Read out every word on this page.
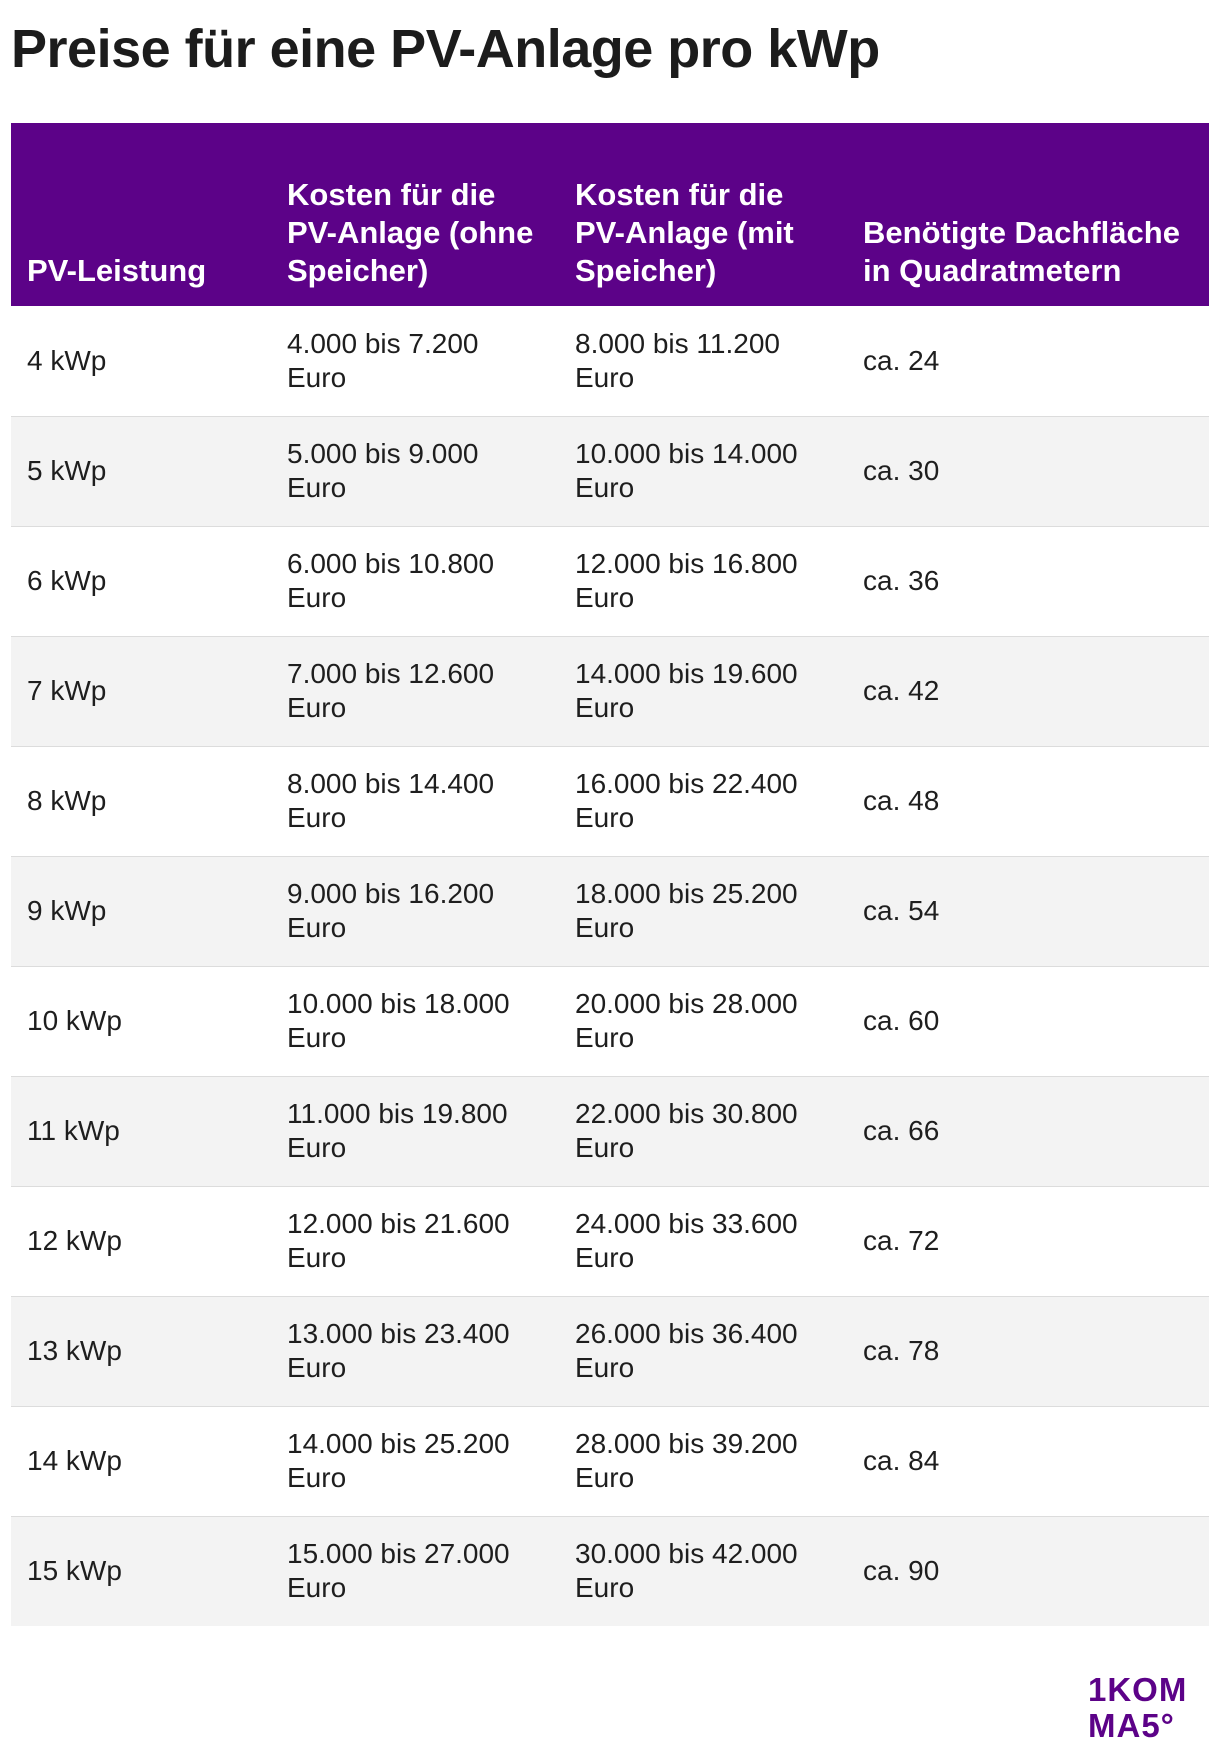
Preise für eine PV-Anlage pro kWp
PV-Leistung	Kosten für die PV-Anlage (ohne Speicher)	Kosten für die PV-Anlage (mit Speicher)	Benötigte Dachfläche in Quadratmetern
4 kWp	4.000 bis 7.200 Euro	8.000 bis 11.200 Euro	ca. 24
5 kWp	5.000 bis 9.000 Euro	10.000 bis 14.000 Euro	ca. 30
6 kWp	6.000 bis 10.800 Euro	12.000 bis 16.800 Euro	ca. 36
7 kWp	7.000 bis 12.600 Euro	14.000 bis 19.600 Euro	ca. 42
8 kWp	8.000 bis 14.400 Euro	16.000 bis 22.400 Euro	ca. 48
9 kWp	9.000 bis 16.200 Euro	18.000 bis 25.200 Euro	ca. 54
10 kWp	10.000 bis 18.000 Euro	20.000 bis 28.000 Euro	ca. 60
11 kWp	11.000 bis 19.800 Euro	22.000 bis 30.800 Euro	ca. 66
12 kWp	12.000 bis 21.600 Euro	24.000 bis 33.600 Euro	ca. 72
13 kWp	13.000 bis 23.400 Euro	26.000 bis 36.400 Euro	ca. 78
14 kWp	14.000 bis 25.200 Euro	28.000 bis 39.200 Euro	ca. 84
15 kWp	15.000 bis 27.000 Euro	30.000 bis 42.000 Euro	ca. 90
1KOM
MA5°
